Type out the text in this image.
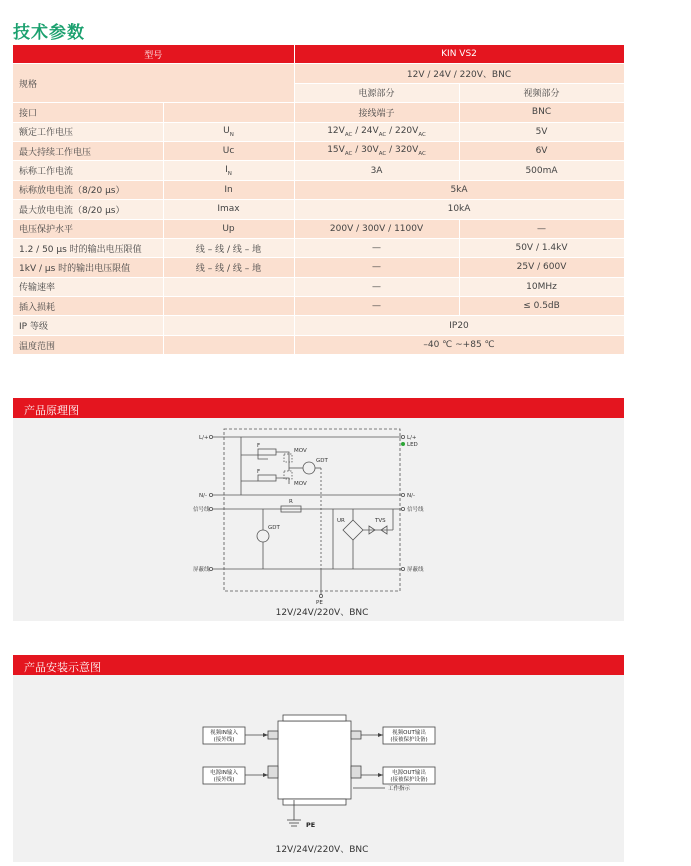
技术参数
型号		KIN VS2	
规格		12V / 24V / 220V、BNC	
		电源部分	视频部分
接口		接线端子	BNC
额定工作电压	$U_N$	$12V_{AC} / 24V_{AC} / 220V_{AC}$	5V
最大持续工作电压	Uc	$15V_{AC} / 30V_{AC} / 320V_{AC}$	6V
标称工作电流	$I_N$	3A	500mA
标称放电电流（8/20 μs）	In	5kA	
最大放电电流（8/20 μs）	Imax	10kA	
电压保护水平	Up	200V / 300V / 1100V	—
1.2 / 50 μs 时的输出电压限值	线 – 线 / 线 – 地	—	50V / 1.4kV
1kV / μs 时的输出电压限值	线 – 线 / 线 – 地	—	25V / 600V
传输速率		—	10MHz
插入损耗		—	≤ 0.5dB
IP 等级		IP20	
温度范围		–40 ℃ ~+85 ℃	
产品原理图
L/+	L/+
LED
N/-	N/-
信号线	信号线
屏蔽线	屏蔽线
F
MOV
F
MOV
GDT
R
GDT
UR	TVS
PE
12V/24V/220V、BNC
产品安装示意图
视频IN输入
(接外线)
电源IN输入
(接外线)
视频OUT输出
(接被保护设备)
电源OUT输出
(接被保护设备)
工作指示
PE
12V/24V/220V、BNC
